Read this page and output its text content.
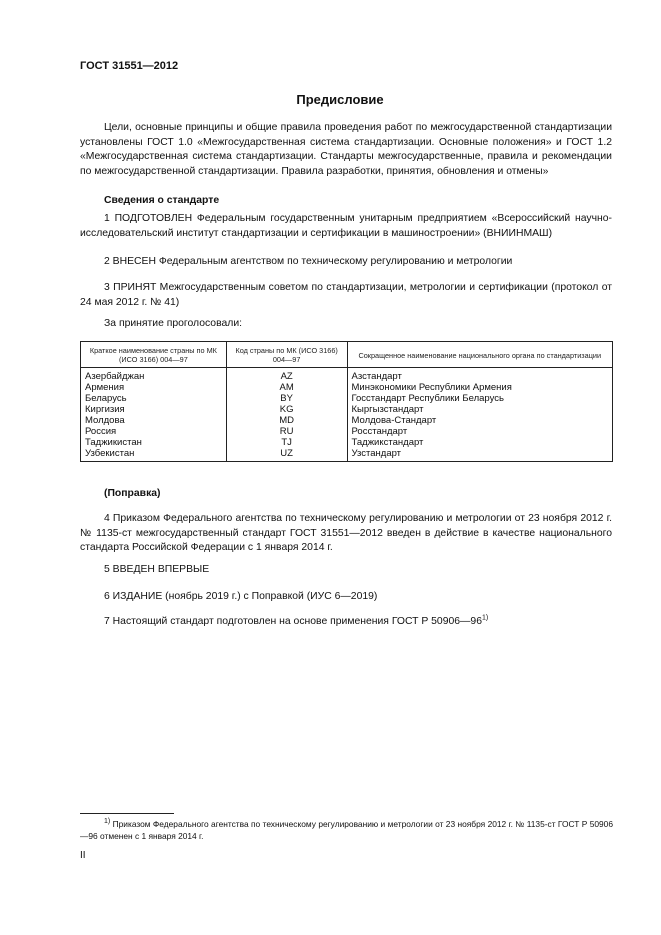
ГОСТ 31551—2012
Предисловие
Цели, основные принципы и общие правила проведения работ по межгосударственной стандартизации установлены ГОСТ 1.0 «Межгосударственная система стандартизации. Основные положения» и ГОСТ 1.2 «Межгосударственная система стандартизации. Стандарты межгосударственные, правила и рекомендации по межгосударственной стандартизации. Правила разработки, принятия, обновления и отмены»
Сведения о стандарте
1 ПОДГОТОВЛЕН Федеральным государственным унитарным предприятием «Всероссийский научно-исследовательский институт стандартизации и сертификации в машиностроении» (ВНИИНМАШ)
2 ВНЕСЕН Федеральным агентством по техническому регулированию и метрологии
3 ПРИНЯТ Межгосударственным советом по стандартизации, метрологии и сертификации (протокол от 24 мая 2012 г. № 41)
За принятие проголосовали:
Краткое наименование страны по МК (ИСО 3166) 004—97	Код страны по МК (ИСО 3166) 004—97	Сокращенное наименование национального органа по стандартизации
Азербайджан	AZ	Азстандарт
Армения	AM	Минэкономики Республики Армения
Беларусь	BY	Госстандарт Республики Беларусь
Киргизия	KG	Кыргызстандарт
Молдова	MD	Молдова-Стандарт
Россия	RU	Росстандарт
Таджикистан	TJ	Таджикстандарт
Узбекистан	UZ	Узстандарт
(Поправка)
4 Приказом Федерального агентства по техническому регулированию и метрологии от 23 ноября 2012 г. № 1135-ст межгосударственный стандарт ГОСТ 31551—2012 введен в действие в качестве национального стандарта Российской Федерации с 1 января 2014 г.
5 ВВЕДЕН ВПЕРВЫЕ
6 ИЗДАНИЕ (ноябрь 2019 г.) с Поправкой (ИУС 6—2019)
7 Настоящий стандарт подготовлен на основе применения ГОСТ Р 50906—96$^{1)}$
$^{1)}$ Приказом Федерального агентства по техническому регулированию и метрологии от 23 ноября 2012 г. № 1135-ст ГОСТ Р 50906—96 отменен с 1 января 2014 г.
II
